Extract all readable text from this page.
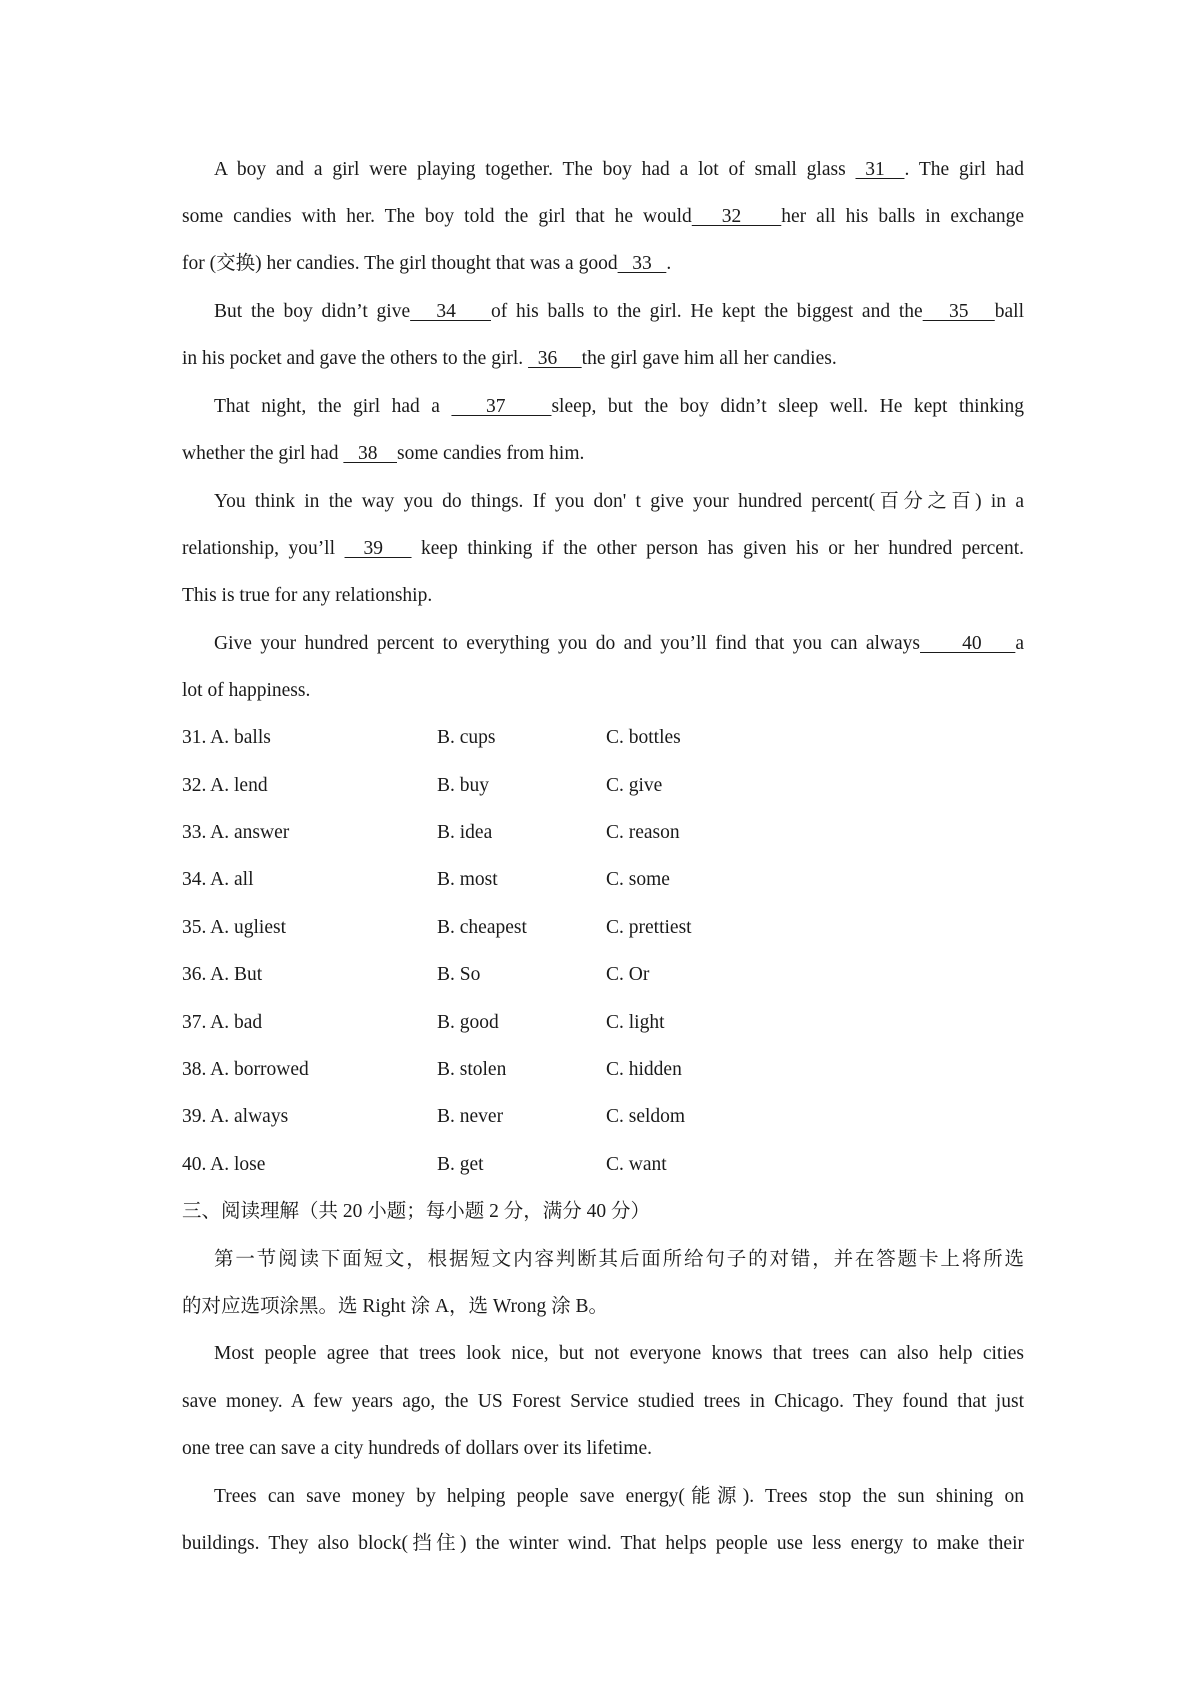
A boy and a girl were playing together. The boy had a lot of small glass  31  . The girl had
some candies with her. The boy told the girl that he would   32    her all his balls in exchange
for (交换) her candies. The girl thought that was a good   33   .
But the boy didn’t give   34    of his balls to the girl. He kept the biggest and the   35   ball
in his pocket and gave the others to the girl.   36     the girl gave him all her candies.
That night, the girl had a    37    sleep, but the boy didn’t sleep well. He kept thinking
whether the girl had    38    some candies from him.
You think in the way you do things. If you don' t give your hundred percent(百分之百) in a
relationship, you’ll   39    keep thinking if the other person has given his or her hundred percent.
This is true for any relationship.
Give your hundred percent to everything you do and you’ll find that you can always     40    a
lot of happiness.
31. A. balls	B. cups	C. bottles
32. A. lend	B. buy	C. give
33. A. answer	B. idea	C. reason
34. A. all	B. most	C. some
35. A. ugliest	B. cheapest	C. prettiest
36. A. But	B. So	C. Or
37. A. bad	B. good	C. light
38. A. borrowed	B. stolen	C. hidden
39. A. always	B. never	C. seldom
40. A. lose	B. get	C. want
三、阅读理解（共 20 小题；每小题 2 分，满分 40 分）
第一节阅读下面短文，根据短文内容判断其后面所给句子的对错，并在答题卡上将所选
的对应选项涂黑。选 Right 涂 A，选 Wrong 涂 B。
Most people agree that trees look nice, but not everyone knows that trees can also help cities
save money. A few years ago, the US Forest Service studied trees in Chicago. They found that just
one tree can save a city hundreds of dollars over its lifetime.
Trees can save money by helping people save energy(能源). Trees stop the sun shining on
buildings. They also block(挡住) the winter wind. That helps people use less energy to make their
